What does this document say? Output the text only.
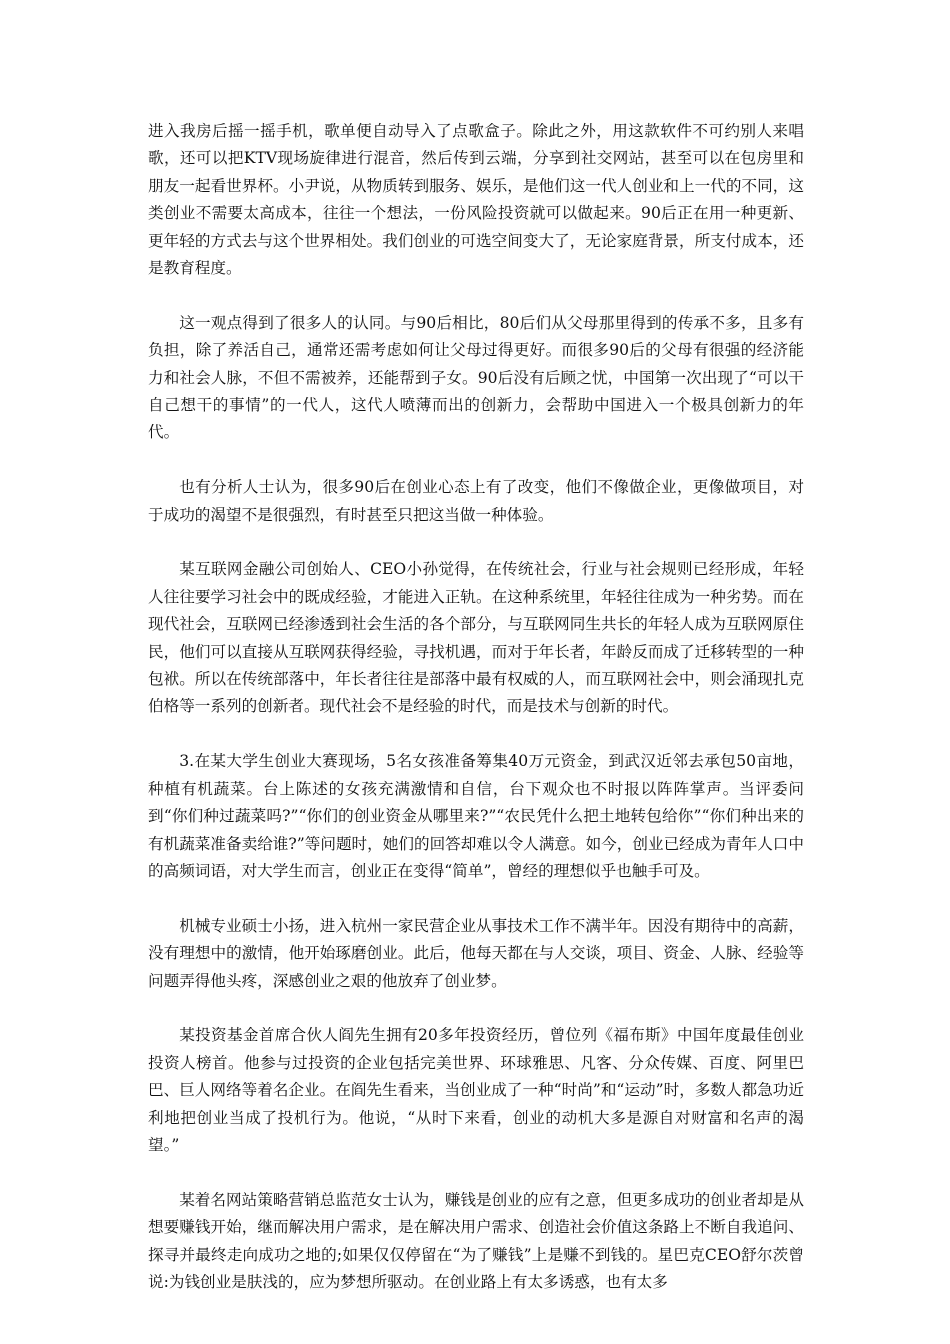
进入我房后摇一摇手机，歌单便自动导入了点歌盒子。除此之外，用这款软件不可约别人来唱歌，还可以把KTV现场旋律进行混音，然后传到云端，分享到社交网站，甚至可以在包房里和朋友一起看世界杯。小尹说，从物质转到服务、娱乐，是他们这一代人创业和上一代的不同，这类创业不需要太高成本，往往一个想法，一份风险投资就可以做起来。90后正在用一种更新、更年轻的方式去与这个世界相处。我们创业的可选空间变大了，无论家庭背景，所支付成本，还是教育程度。

这一观点得到了很多人的认同。与90后相比，80后们从父母那里得到的传承不多，且多有负担，除了养活自己，通常还需考虑如何让父母过得更好。而很多90后的父母有很强的经济能力和社会人脉，不但不需被养，还能帮到子女。90后没有后顾之忧，中国第一次出现了“可以干自己想干的事情”的一代人，这代人喷薄而出的创新力，会帮助中国进入一个极具创新力的年代。

也有分析人士认为，很多90后在创业心态上有了改变，他们不像做企业，更像做项目，对于成功的渴望不是很强烈，有时甚至只把这当做一种体验。

某互联网金融公司创始人、CEO小孙觉得，在传统社会，行业与社会规则已经形成，年轻人往往要学习社会中的既成经验，才能进入正轨。在这种系统里，年轻往往成为一种劣势。而在现代社会，互联网已经渗透到社会生活的各个部分，与互联网同生共长的年轻人成为互联网原住民，他们可以直接从互联网获得经验，寻找机遇，而对于年长者，年龄反而成了迁移转型的一种包袱。所以在传统部落中，年长者往往是部落中最有权威的人，而互联网社会中，则会涌现扎克伯格等一系列的创新者。现代社会不是经验的时代，而是技术与创新的时代。

3.在某大学生创业大赛现场，5名女孩准备筹集40万元资金，到武汉近邻去承包50亩地，种植有机蔬菜。台上陈述的女孩充满激情和自信，台下观众也不时报以阵阵掌声。当评委问到“你们种过蔬菜吗?”“你们的创业资金从哪里来?”“农民凭什么把土地转包给你”“你们种出来的有机蔬菜准备卖给谁?”等问题时，她们的回答却难以令人满意。如今，创业已经成为青年人口中的高频词语，对大学生而言，创业正在变得“简单”，曾经的理想似乎也触手可及。

机械专业硕士小扬，进入杭州一家民营企业从事技术工作不满半年。因没有期待中的高薪，没有理想中的激情，他开始琢磨创业。此后，他每天都在与人交谈，项目、资金、人脉、经验等问题弄得他头疼，深感创业之艰的他放弃了创业梦。

某投资基金首席合伙人阎先生拥有20多年投资经历，曾位列《福布斯》中国年度最佳创业投资人榜首。他参与过投资的企业包括完美世界、环球雅思、凡客、分众传媒、百度、阿里巴巴、巨人网络等着名企业。在阎先生看来，当创业成了一种“时尚”和“运动”时，多数人都急功近利地把创业当成了投机行为。他说，“从时下来看，创业的动机大多是源自对财富和名声的渴望。”

某着名网站策略营销总监范女士认为，赚钱是创业的应有之意，但更多成功的创业者却是从想要赚钱开始，继而解决用户需求，是在解决用户需求、创造社会价值这条路上不断自我追问、探寻并最终走向成功之地的;如果仅仅停留在“为了赚钱”上是赚不到钱的。星巴克CEO舒尔茨曾说:为钱创业是肤浅的，应为梦想所驱动。在创业路上有太多诱惑，也有太多
